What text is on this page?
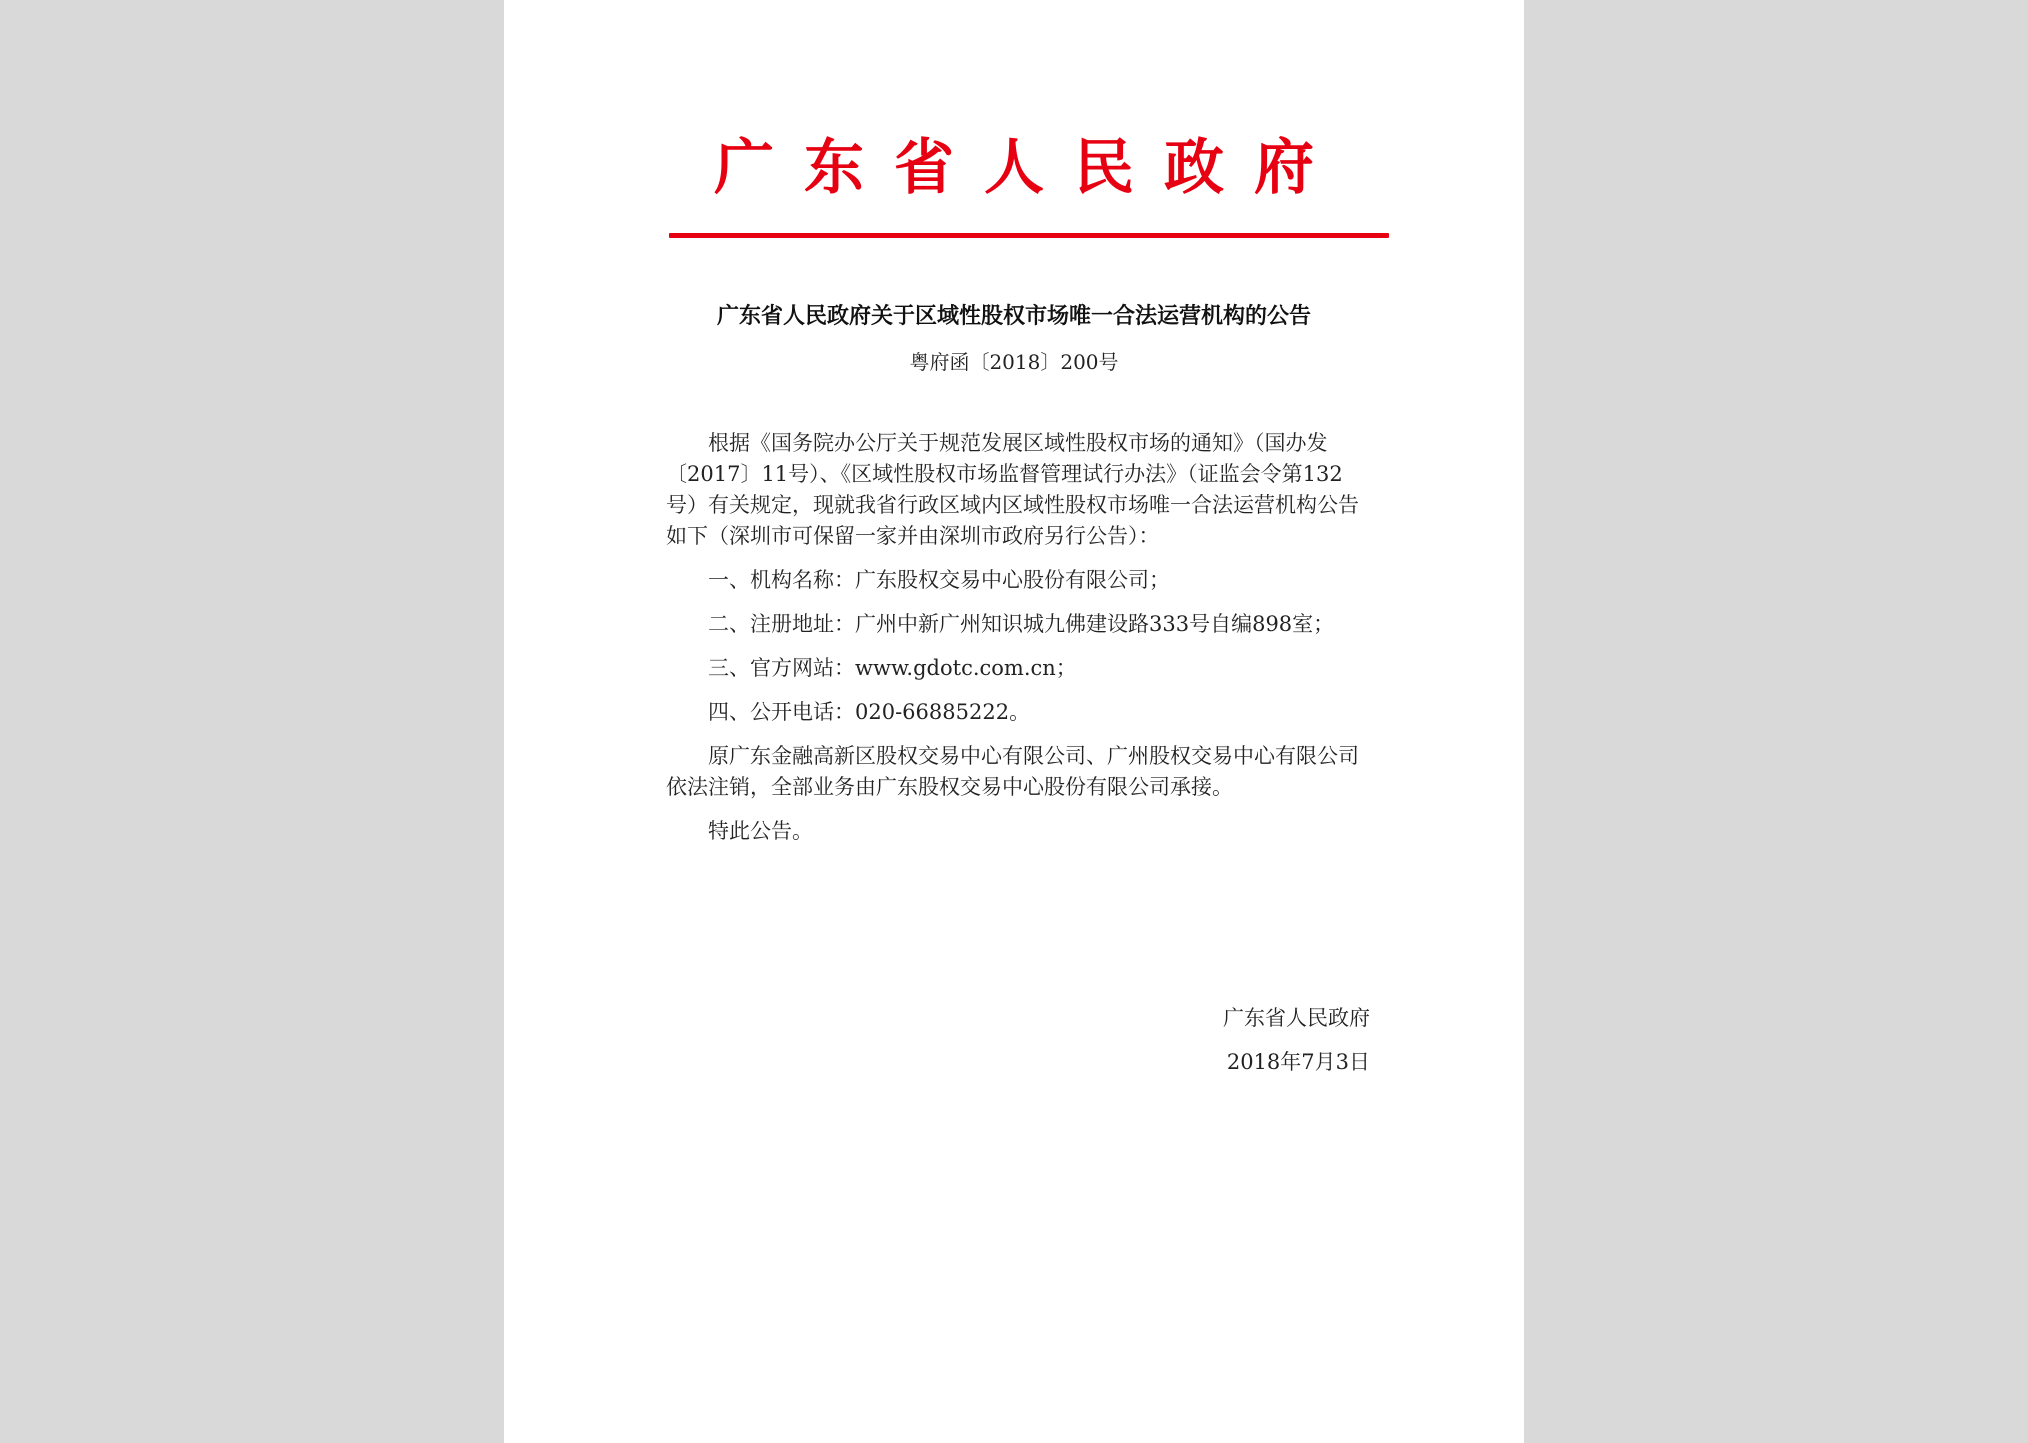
广东省人民政府
广东省人民政府关于区域性股权市场唯一合法运营机构的公告
粤府函〔2018〕200号

根据《国务院办公厅关于规范发展区域性股权市场的通知》（国办发〔2017〕11号）、《区域性股权市场监督管理试行办法》（证监会令第132号）有关规定，现就我省行政区域内区域性股权市场唯一合法运营机构公告如下（深圳市可保留一家并由深圳市政府另行公告）：

一、机构名称：广东股权交易中心股份有限公司；

二、注册地址：广州中新广州知识城九佛建设路333号自编898室；

三、官方网站：www.gdotc.com.cn；

四、公开电话：020-66885222。

原广东金融高新区股权交易中心有限公司、广州股权交易中心有限公司依法注销，全部业务由广东股权交易中心股份有限公司承接。

特此公告。

广东省人民政府
2018年7月3日
